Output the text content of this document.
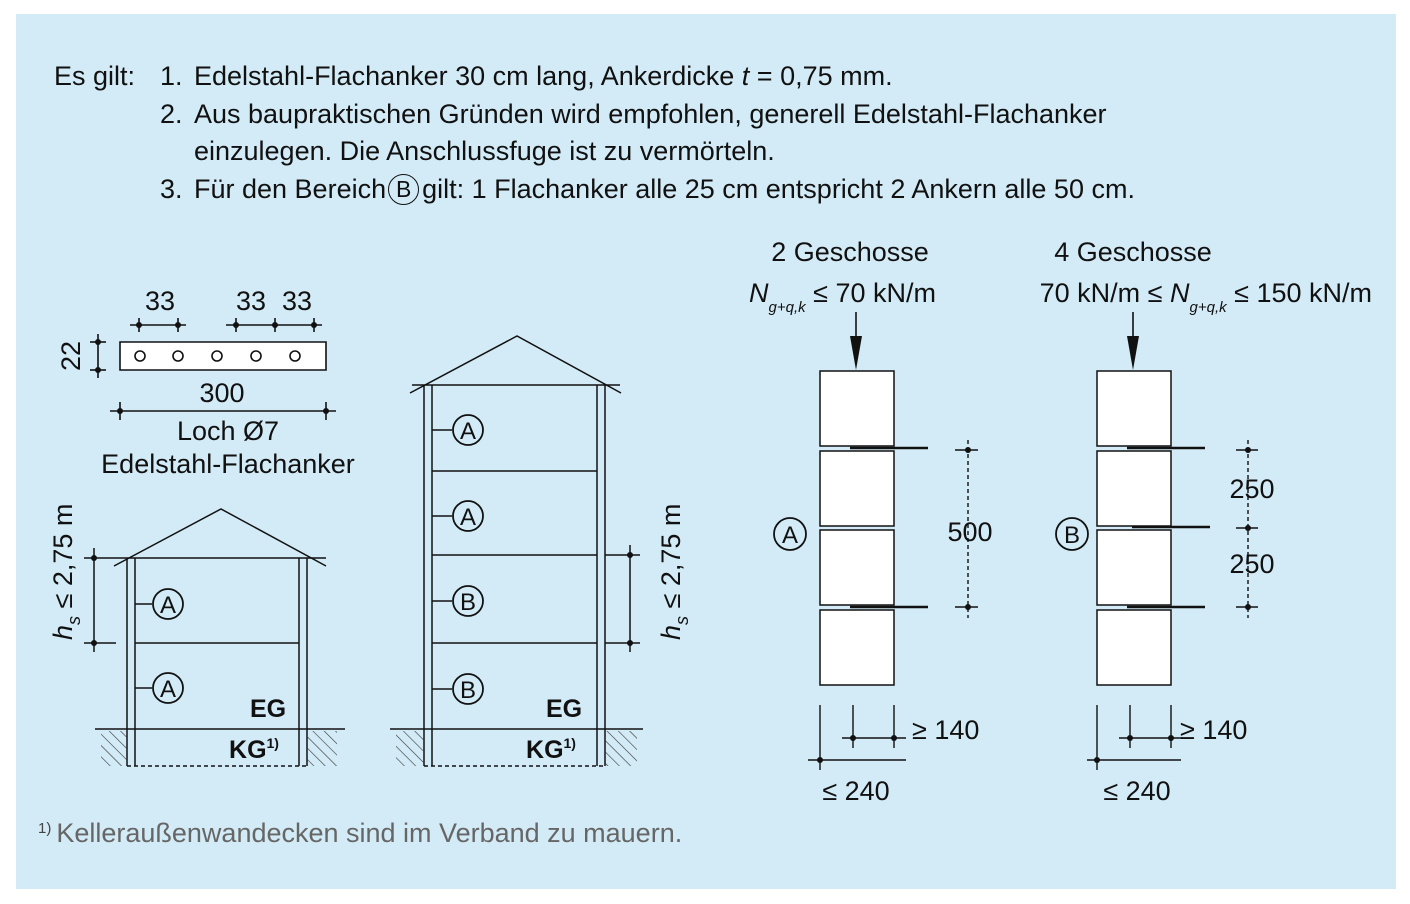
Es gilt: 1. Edelstahl-Flachanker 30 cm lang, Ankerdicke t = 0,75 mm.
2. Aus baupraktischen Gründen wird empfohlen, generell Edelstahl-Flachanker
einzulegen. Die Anschlussfuge ist zu vermörteln.
3. Für den Bereich B gilt: 1 Flachanker alle 25 cm entspricht 2 Ankern alle 50 cm.
33 33 33
22
300
Loch Ø7
Edelstahl-Flachanker
A
A
EG
KG$^{1)}$
$h_s \le 2,75$ m
A
A
B
B
EG
KG$^{1)}$
$h_s \le 2,75$ m
2 Geschosse
$N_{g+q,k} \le 70$ kN/m
500
A
≥ 140
≤ 240
4 Geschosse
70 $kN/m \le N_{g+q,k} \le 150$ kN/m
250
250
B
≥ 140
≤ 240
$^{1)}$ Kelleraußenwandecken sind im Verband zu mauern.
